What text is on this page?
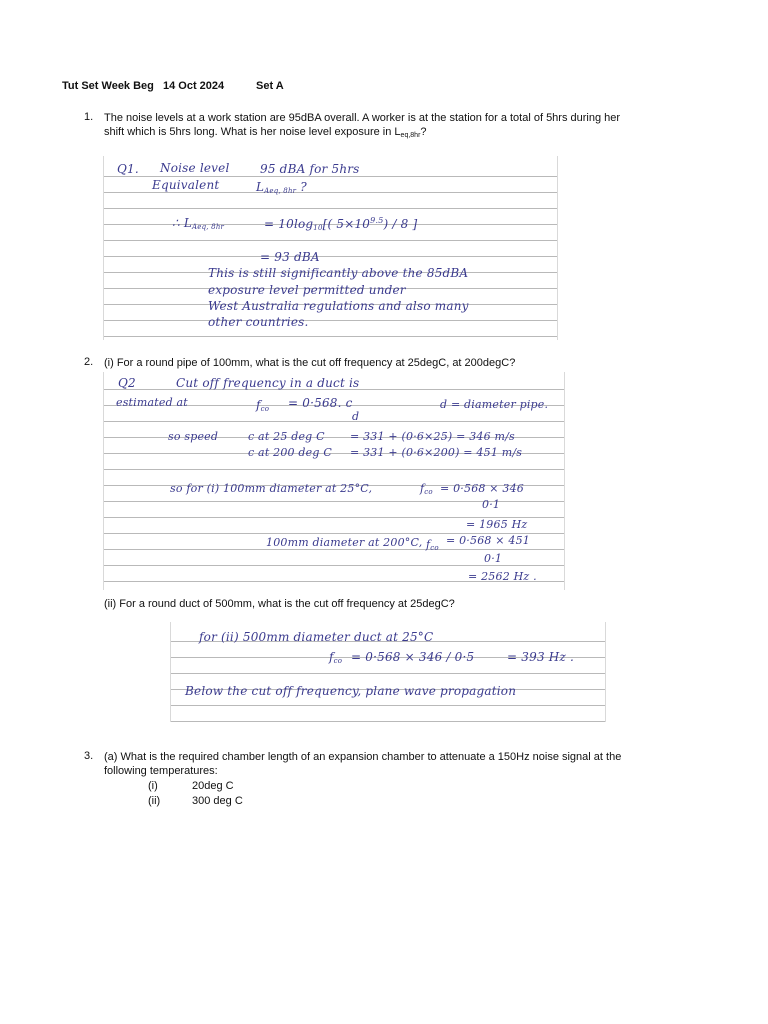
Tut Set Week Beg 14 Oct 2024	Set A
1. The noise levels at a work station are 95dBA overall. A worker is at the station for a total of 5hrs during her
shift which is 5hrs long. What is her noise level exposure in $L_{eq,8hr}$?
Q1. Noise level	95 dBA for 5hrs
Equivalent	$L_{Aeq, 8hr}$ ?
∴ $L_{Aeq, 8hr}$	= $10\log_{10}$[( $5\times 10^{9.5}) / 8$ ]
= 93 dBA
This is still significantly above the 85dBA
exposure level permitted under
West Australia regulations and also many
other countries.
2. (i) For a round pipe of 100mm, what is the cut off frequency at 25degC, at 200degC?
Q2	Cut off frequency in a duct is
estimated at	$f_{co} = 0\cdot 568$. c
d
d = diameter pipe.
so speed	c at 25 deg C = 331 + (0·6×25) = 346 m/s
c at 200 deg C = 331 + (0·6×200) = 451 m/s
so for (i) 100mm diameter at 25°C,	$f_{co} = 0\cdot 568 \times 346$
0·1
= 1965 Hz
100mm diameter at 200°C, $f_{co}$
= 0·568 × 451
0·1
= 2562 Hz .
(ii) For a round duct of 500mm, what is the cut off frequency at 25degC?
for (ii) 500mm diameter duct at 25°C
$f_{co} = 0\cdot 568 \times 346 / 0\cdot 5$	= 393 Hz .
Below the cut off frequency, plane wave propagation
3. (a) What is the required chamber length of an expansion chamber to attenuate a 150Hz noise signal at the
following temperatures:
(i)	20deg C
(ii)	300 deg C
